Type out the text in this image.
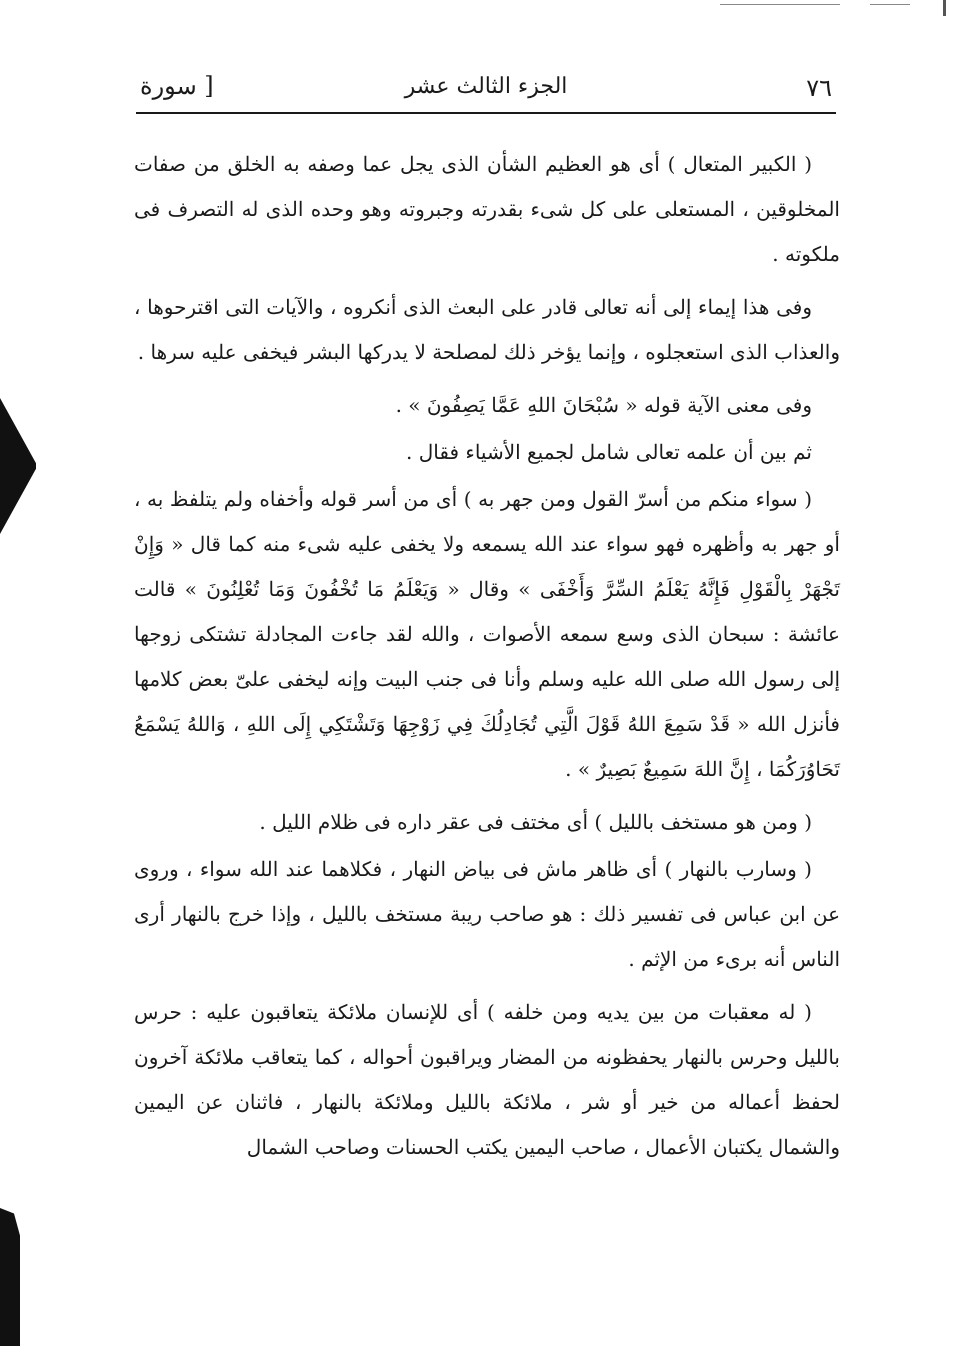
٧٦
الجزء الثالث عشر
[ سورة

( الكبير المتعال ) أى هو العظيم الشأن الذى يجل عما وصفه به الخلق من صفات المخلوقين ، المستعلى على كل شىء بقدرته وجبروته وهو وحده الذى له التصرف فى ملكوته .

وفى هذا إيماء إلى أنه تعالى قادر على البعث الذى أنكروه ، والآيات التى اقترحوها ، والعذاب الذى استعجلوه ، وإنما يؤخر ذلك لمصلحة لا يدركها البشر فيخفى عليه سرها .

وفى معنى الآية قوله « سُبْحَانَ اللهِ عَمَّا يَصِفُونَ » .

ثم بين أن علمه تعالى شامل لجميع الأشياء فقال .

( سواء منكم من أسرّ القول ومن جهر به ) أى من أسر قوله وأخفاه ولم يتلفظ به ، أو جهر به وأظهره فهو سواء عند الله يسمعه ولا يخفى عليه شىء منه كما قال « وَإِنْ تَجْهَرْ بِالْقَوْلِ فَإِنَّهُ يَعْلَمُ السِّرَّ وَأَخْفَى » وقال « وَيَعْلَمُ مَا تُخْفُونَ وَمَا تُعْلِنُونَ » قالت عائشة : سبحان الذى وسع سمعه الأصوات ، والله لقد جاءت المجادلة تشتكى زوجها إلى رسول الله صلى الله عليه وسلم وأنا فى جنب البيت وإنه ليخفى علىّ بعض كلامها فأنزل الله « قَدْ سَمِعَ اللهُ قَوْلَ الَّتِي تُجَادِلُكَ فِي زَوْجِهَا وَتَشْتَكِي إِلَى اللهِ ، وَاللهُ يَسْمَعُ تَحَاوُرَكُمَا ، إِنَّ اللهَ سَمِيعٌ بَصِيرٌ » .

( ومن هو مستخف بالليل ) أى مختف فى عقر داره فى ظلام الليل .

( وسارب بالنهار ) أى ظاهر ماش فى بياض النهار ، فكلاهما عند الله سواء ، وروى عن ابن عباس فى تفسير ذلك : هو صاحب ريبة مستخف بالليل ، وإذا خرج بالنهار أرى الناس أنه برىء من الإثم .

( له معقبات من بين يديه ومن خلفه ) أى للإنسان ملائكة يتعاقبون عليه : حرس بالليل وحرس بالنهار يحفظونه من المضار ويراقبون أحواله ، كما يتعاقب ملائكة آخرون لحفظ أعماله من خير أو شر ، ملائكة بالليل وملائكة بالنهار ، فاثنان عن اليمين والشمال يكتبان الأعمال ، صاحب اليمين يكتب الحسنات وصاحب الشمال
